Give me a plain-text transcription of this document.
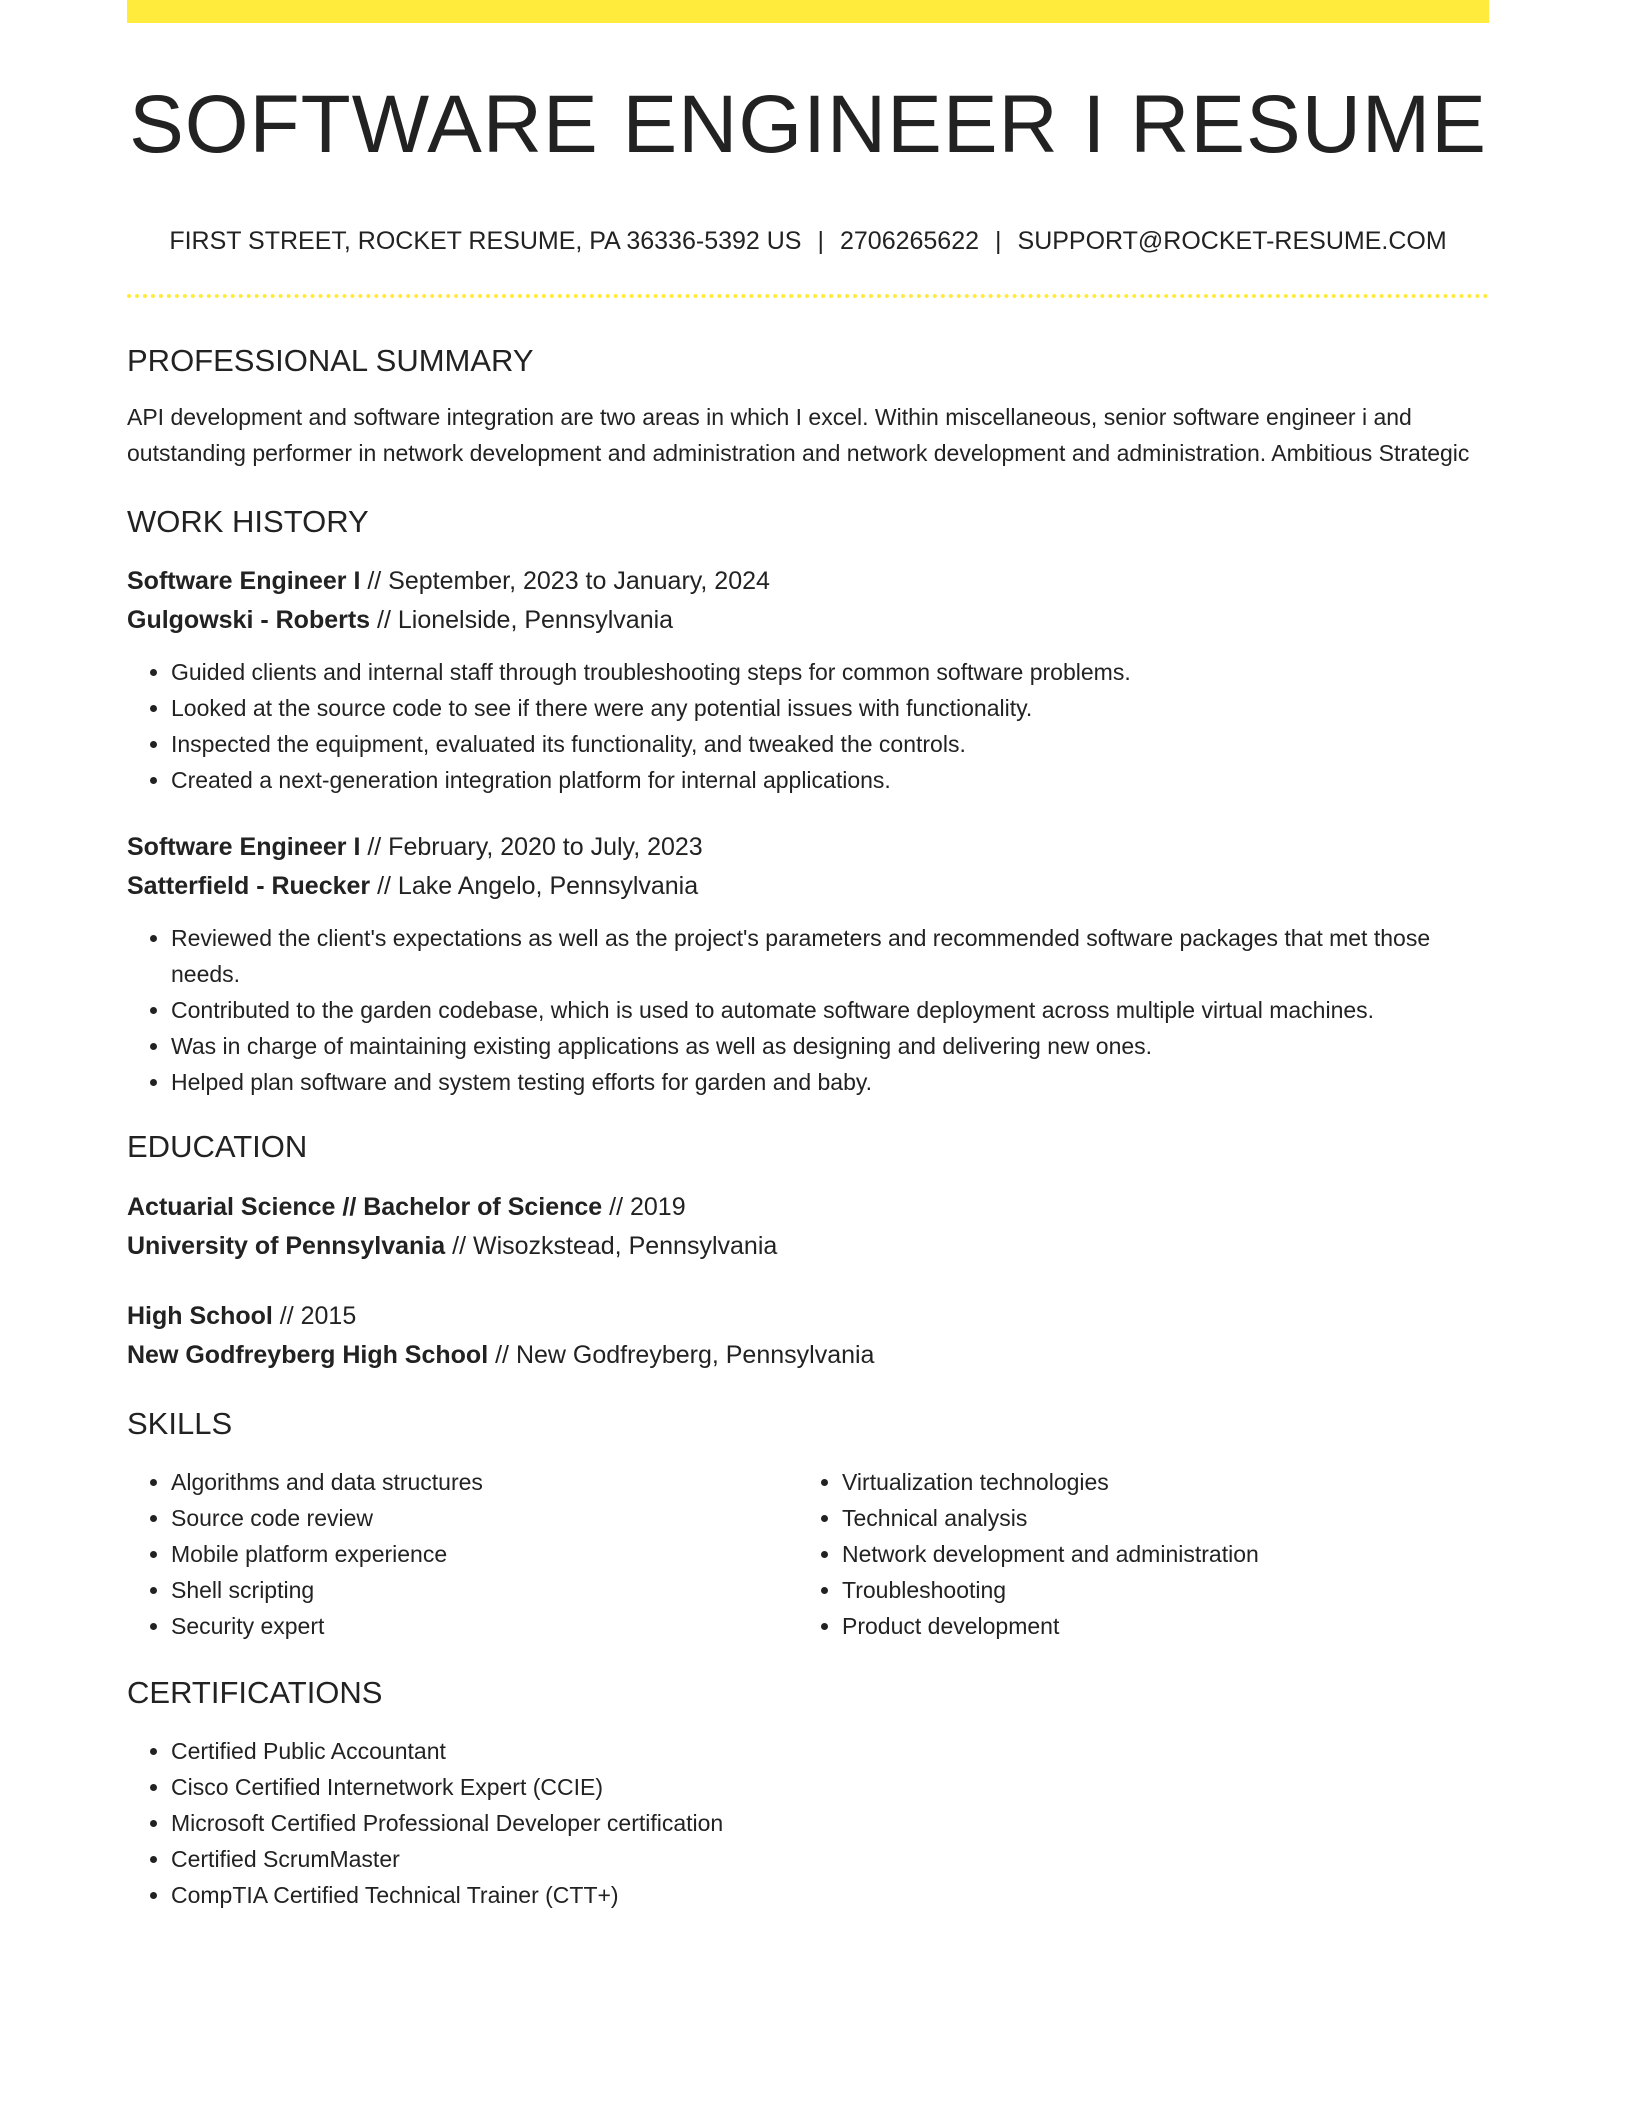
SOFTWARE ENGINEER I RESUME
FIRST STREET, ROCKET RESUME, PA 36336-5392 US | 2706265622 | SUPPORT@ROCKET-RESUME.COM
PROFESSIONAL SUMMARY
API development and software integration are two areas in which I excel. Within miscellaneous, senior software engineer i and outstanding performer in network development and administration and network development and administration. Ambitious Strategic
WORK HISTORY
Software Engineer I // September, 2023 to January, 2024
Gulgowski - Roberts // Lionelside, Pennsylvania
• Guided clients and internal staff through troubleshooting steps for common software problems.
• Looked at the source code to see if there were any potential issues with functionality.
• Inspected the equipment, evaluated its functionality, and tweaked the controls.
• Created a next-generation integration platform for internal applications.
Software Engineer I // February, 2020 to July, 2023
Satterfield - Ruecker // Lake Angelo, Pennsylvania
• Reviewed the client's expectations as well as the project's parameters and recommended software packages that met those needs.
• Contributed to the garden codebase, which is used to automate software deployment across multiple virtual machines.
• Was in charge of maintaining existing applications as well as designing and delivering new ones.
• Helped plan software and system testing efforts for garden and baby.
EDUCATION
Actuarial Science // Bachelor of Science // 2019
University of Pennsylvania // Wisozkstead, Pennsylvania
High School // 2015
New Godfreyberg High School // New Godfreyberg, Pennsylvania
SKILLS
• Algorithms and data structures
• Source code review
• Mobile platform experience
• Shell scripting
• Security expert
• Virtualization technologies
• Technical analysis
• Network development and administration
• Troubleshooting
• Product development
CERTIFICATIONS
• Certified Public Accountant
• Cisco Certified Internetwork Expert (CCIE)
• Microsoft Certified Professional Developer certification
• Certified ScrumMaster
• CompTIA Certified Technical Trainer (CTT+)
